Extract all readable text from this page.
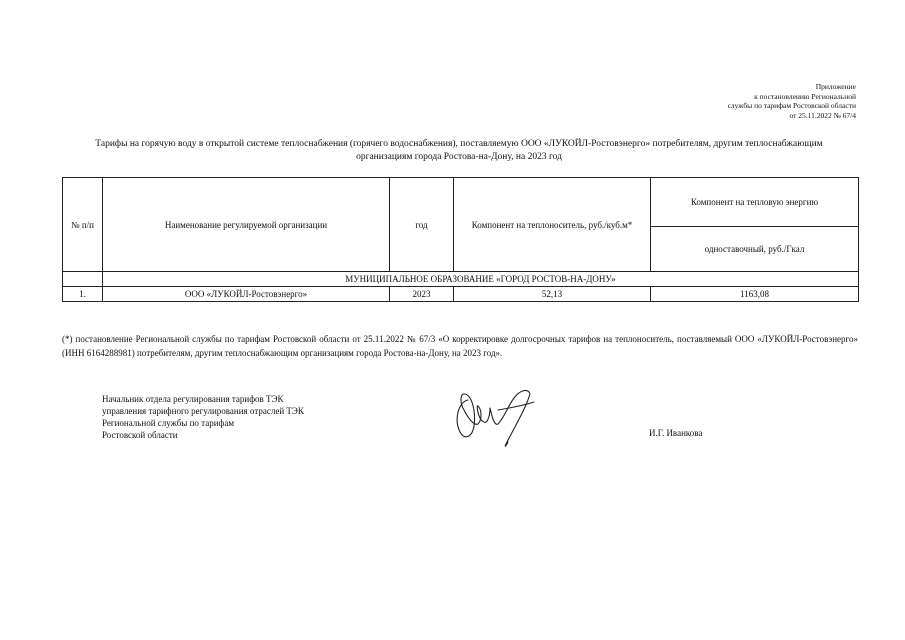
Приложение
к постановлению Региональной
службы по тарифам Ростовской области
от 25.11.2022 № 67/4
Тарифы на горячую воду в открытой системе теплоснабжения (горячего водоснабжения), поставляемую ООО «ЛУКОЙЛ-Ростовэнерго» потребителям, другим теплоснабжающим
организациям города Ростова-на-Дону, на 2023 год
№ п/п	Наименование регулируемой организации	год	Компонент на теплоноситель, руб./куб.м*	Компонент на тепловую энергию
				одноставочный, руб./Гкал
	МУНИЦИПАЛЬНОЕ ОБРАЗОВАНИЕ «ГОРОД РОСТОВ-НА-ДОНУ»			
1.	ООО «ЛУКОЙЛ-Ростовэнерго»	2023	52,13	1163,08
(*) постановление Региональной службы по тарифам Ростовской области от 25.11.2022 № 67/3 «О корректировке долгосрочных тарифов на теплоноситель, поставляемый ООО «ЛУКОЙЛ-Ростовэнерго» (ИНН 6164288981) потребителям, другим теплоснабжающим организациям города Ростова-на-Дону, на 2023 год».
Начальник отдела регулирования тарифов ТЭК
управления тарифного регулирования отраслей ТЭК
Региональной службы по тарифам
Ростовской области	И.Г. Иванкова
